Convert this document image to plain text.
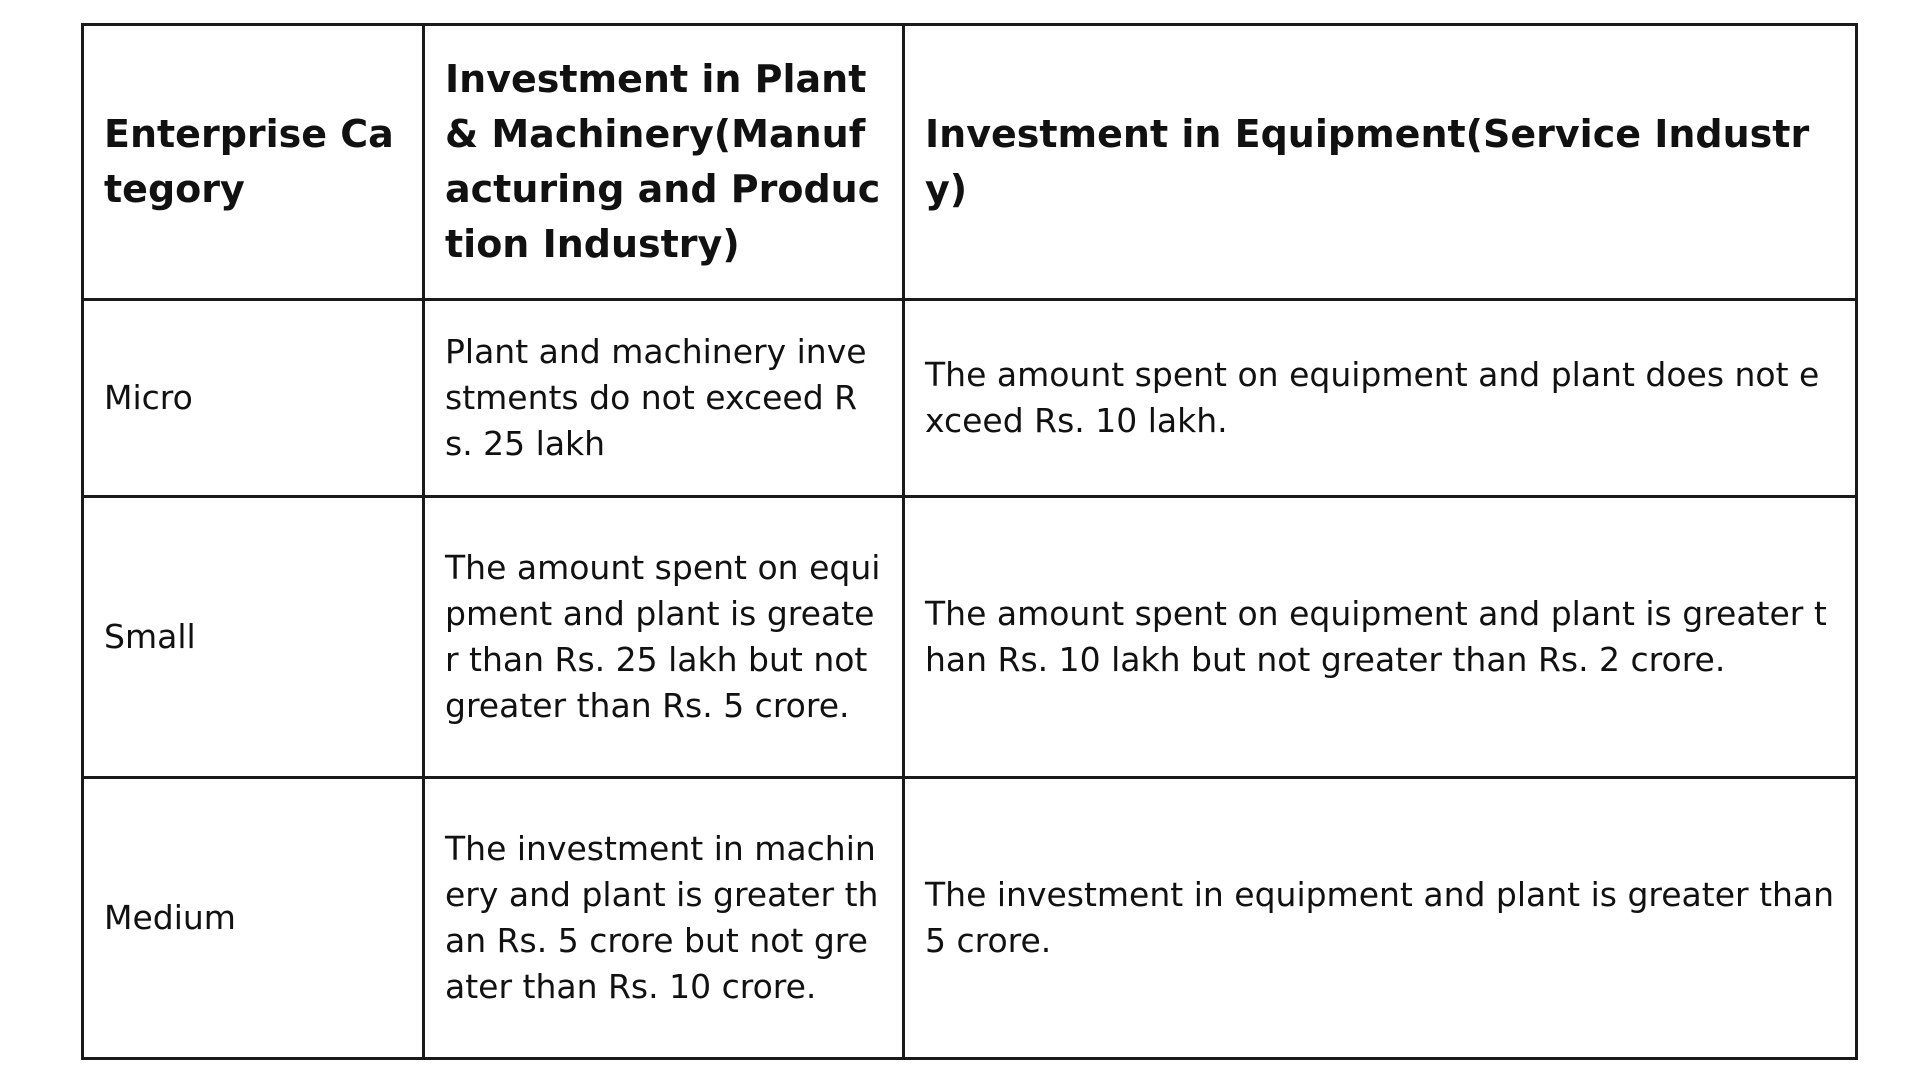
Enterprise Category	Investment in Plant & Machinery(Manufacturing and Production Industry)	Investment in Equipment(Service Industry)
Micro	Plant and machinery investments do not exceed Rs. 25 lakh	The amount spent on equipment and plant does not exceed Rs. 10 lakh.
Small	The amount spent on equipment and plant is greater than Rs. 25 lakh but not greater than Rs. 5 crore.	The amount spent on equipment and plant is greater than Rs. 10 lakh but not greater than Rs. 2 crore.
Medium	The investment in machinery and plant is greater than Rs. 5 crore but not greater than Rs. 10 crore.	The investment in equipment and plant is greater than 5 crore.
